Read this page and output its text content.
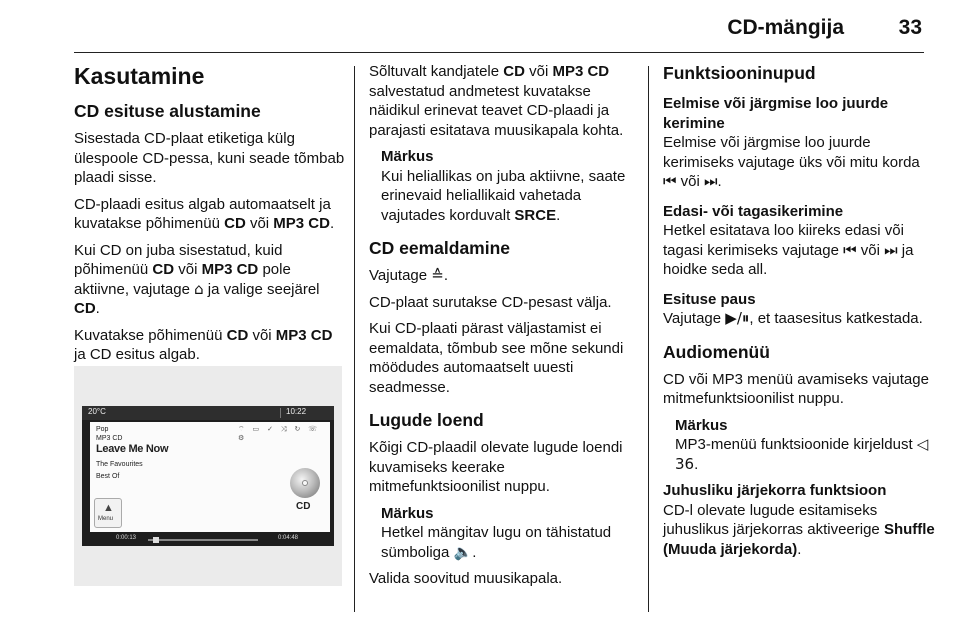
CD-mängija	33
Kasutamine
CD esituse alustamine

Sisestada CD-plaat etiketiga külg ülespoole CD-pessa, kuni seade tõmbab plaadi sisse.

CD-plaadi esitus algab automaatselt ja kuvatakse põhimenüü CD või MP3 CD.

Kui CD on juba sisestatud, kuid põhimenüü CD või MP3 CD pole aktiivne, vajutage ⌂ ja valige seejärel CD.

Kuvatakse põhimenüü CD või MP3 CD ja CD esitus algab.

20°C	10:22
⌔ ▭ ✓ ⤨ ↻ ☏ ⚙
Pop
MP3 CD
Leave Me Now
The Favourites
Best Of
CD
▲
Menu
0:00:13	0:04:48

Sõltuvalt kandjatele CD või MP3 CD salvestatud andmetest kuvatakse näidikul erinevat teavet CD-plaadi ja parajasti esitatava muusikapala kohta.

Märkus
Kui heliallikas on juba aktiivne, saate erinevaid heliallikaid vahetada vajutades korduvalt SRCE.
CD eemaldamine

Vajutage ≙.

CD-plaat surutakse CD-pesast välja.

Kui CD-plaati pärast väljastamist ei eemaldata, tõmbub see mõne sekundi möödudes automaatselt uuesti seadmesse.

Lugude loend

Kõigi CD-plaadil olevate lugude loendi kuvamiseks keerake mitmefunktsioonilist nuppu.

Märkus
Hetkel mängitav lugu on tähistatud sümboliga 🔈.

Valida soovitud muusikapala.

Funktsiooninupud
Eelmise või järgmise loo juurde kerimine

Eelmise või järgmise loo juurde kerimiseks vajutage üks või mitu korda ⏮ või ⏭.

Edasi- või tagasikerimine

Hetkel esitatava loo kiireks edasi või tagasi kerimiseks vajutage ⏮ või ⏭ ja hoidke seda all.

Esituse paus

Vajutage ▶/⏸, et taasesitus katkestada.

Audiomenüü

CD või MP3 menüü avamiseks vajutage mitmefunktsioonilist nuppu.

Märkus
MP3-menüü funktsioonide kirjeldust ◁ 36.
Juhusliku järjekorra funktsioon

CD-l olevate lugude esitamiseks juhuslikus järjekorras aktiveerige Shuffle (Muuda järjekorda).
